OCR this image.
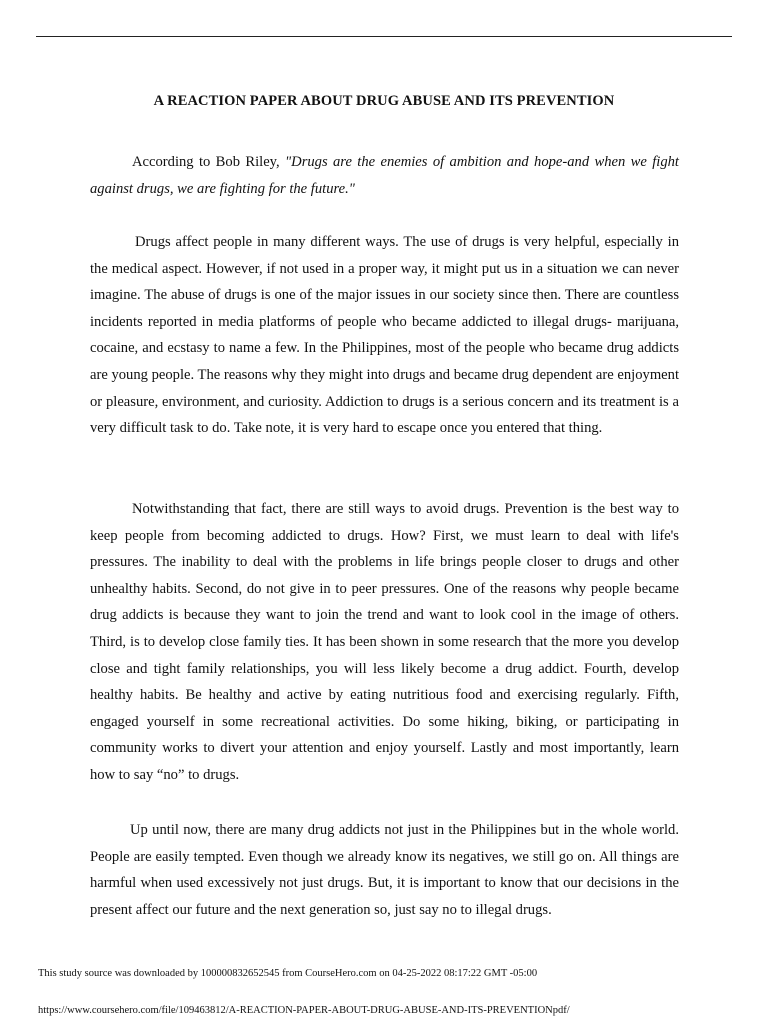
A REACTION PAPER ABOUT DRUG ABUSE AND ITS PREVENTION

According to Bob Riley, "Drugs are the enemies of ambition and hope-and when we fight against drugs, we are fighting for the future."

Drugs affect people in many different ways. The use of drugs is very helpful, especially in the medical aspect. However, if not used in a proper way, it might put us in a situation we can never imagine. The abuse of drugs is one of the major issues in our society since then. There are countless incidents reported in media platforms of people who became addicted to illegal drugs- marijuana, cocaine, and ecstasy to name a few. In the Philippines, most of the people who became drug addicts are young people. The reasons why they might into drugs and became drug dependent are enjoyment or pleasure, environment, and curiosity. Addiction to drugs is a serious concern and its treatment is a very difficult task to do. Take note, it is very hard to escape once you entered that thing.

Notwithstanding that fact, there are still ways to avoid drugs. Prevention is the best way to keep people from becoming addicted to drugs. How? First, we must learn to deal with life's pressures. The inability to deal with the problems in life brings people closer to drugs and other unhealthy habits. Second, do not give in to peer pressures. One of the reasons why people became drug addicts is because they want to join the trend and want to look cool in the image of others. Third, is to develop close family ties. It has been shown in some research that the more you develop close and tight family relationships, you will less likely become a drug addict. Fourth, develop healthy habits. Be healthy and active by eating nutritious food and exercising regularly. Fifth, engaged yourself in some recreational activities. Do some hiking, biking, or participating in community works to divert your attention and enjoy yourself. Lastly and most importantly, learn how to say “no” to drugs.

Up until now, there are many drug addicts not just in the Philippines but in the whole world. People are easily tempted. Even though we already know its negatives, we still go on. All things are harmful when used excessively not just drugs. But, it is important to know that our decisions in the present affect our future and the next generation so, just say no to illegal drugs.

This study source was downloaded by 100000832652545 from CourseHero.com on 04-25-2022 08:17:22 GMT -05:00

https://www.coursehero.com/file/109463812/A-REACTION-PAPER-ABOUT-DRUG-ABUSE-AND-ITS-PREVENTIONpdf/
